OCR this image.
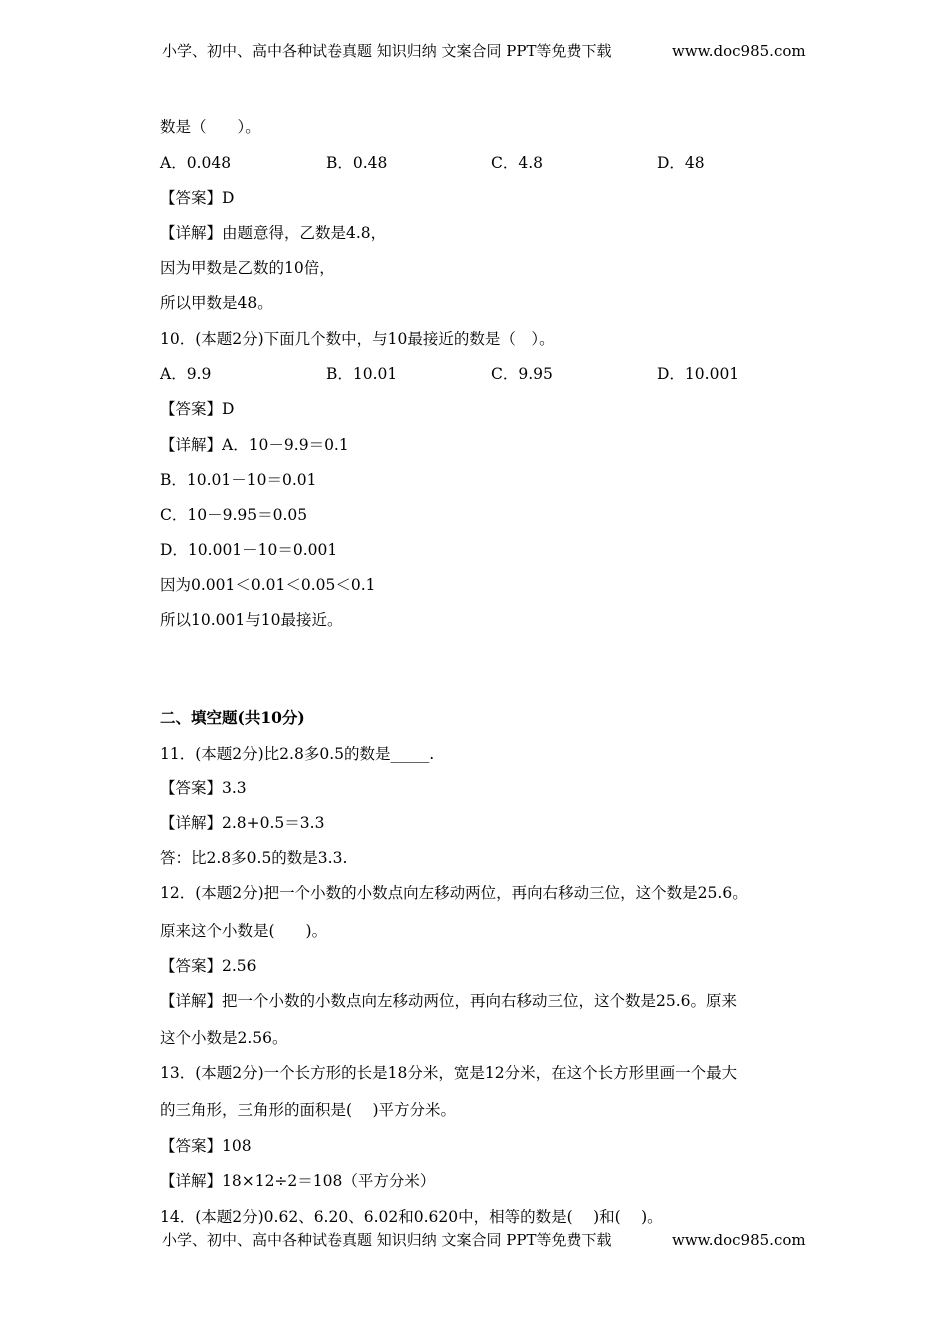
小学、初中、高中各种试卷真题 知识归纳 文案合同 PPT等免费下载	www.doc985.com
数是（　　）。
A．0.048	B．0.48	C．4.8	D．48
【答案】D
【详解】由题意得，乙数是4.8，
因为甲数是乙数的10倍，
所以甲数是48。
10．(本题2分)下面几个数中，与10最接近的数是（　）。
A．9.9	B．10.01	C．9.95	D．10.001
【答案】D
【详解】A．10－9.9＝0.1
B．10.01－10＝0.01
C．10－9.95＝0.05
D．10.001－10＝0.001
因为0.001＜0.01＜0.05＜0.1
所以10.001与10最接近。
二、填空题(共10分)
11．(本题2分)比2.8多0.5的数是_____.
【答案】3.3
【详解】2.8+0.5＝3.3
答：比2.8多0.5的数是3.3.
12．(本题2分)把一个小数的小数点向左移动两位，再向右移动三位，这个数是25.6。
原来这个小数是(　　)。
【答案】2.56
【详解】把一个小数的小数点向左移动两位，再向右移动三位，这个数是25.6。原来
这个小数是2.56。
13．(本题2分)一个长方形的长是18分米，宽是12分米，在这个长方形里画一个最大
的三角形，三角形的面积是(　 )平方分米。
【答案】108
【详解】18×12÷2＝108（平方分米）
14．(本题2分)0.62、6.20、6.02和0.620中，相等的数是(　 )和(　 )。
小学、初中、高中各种试卷真题 知识归纳 文案合同 PPT等免费下载	www.doc985.com
